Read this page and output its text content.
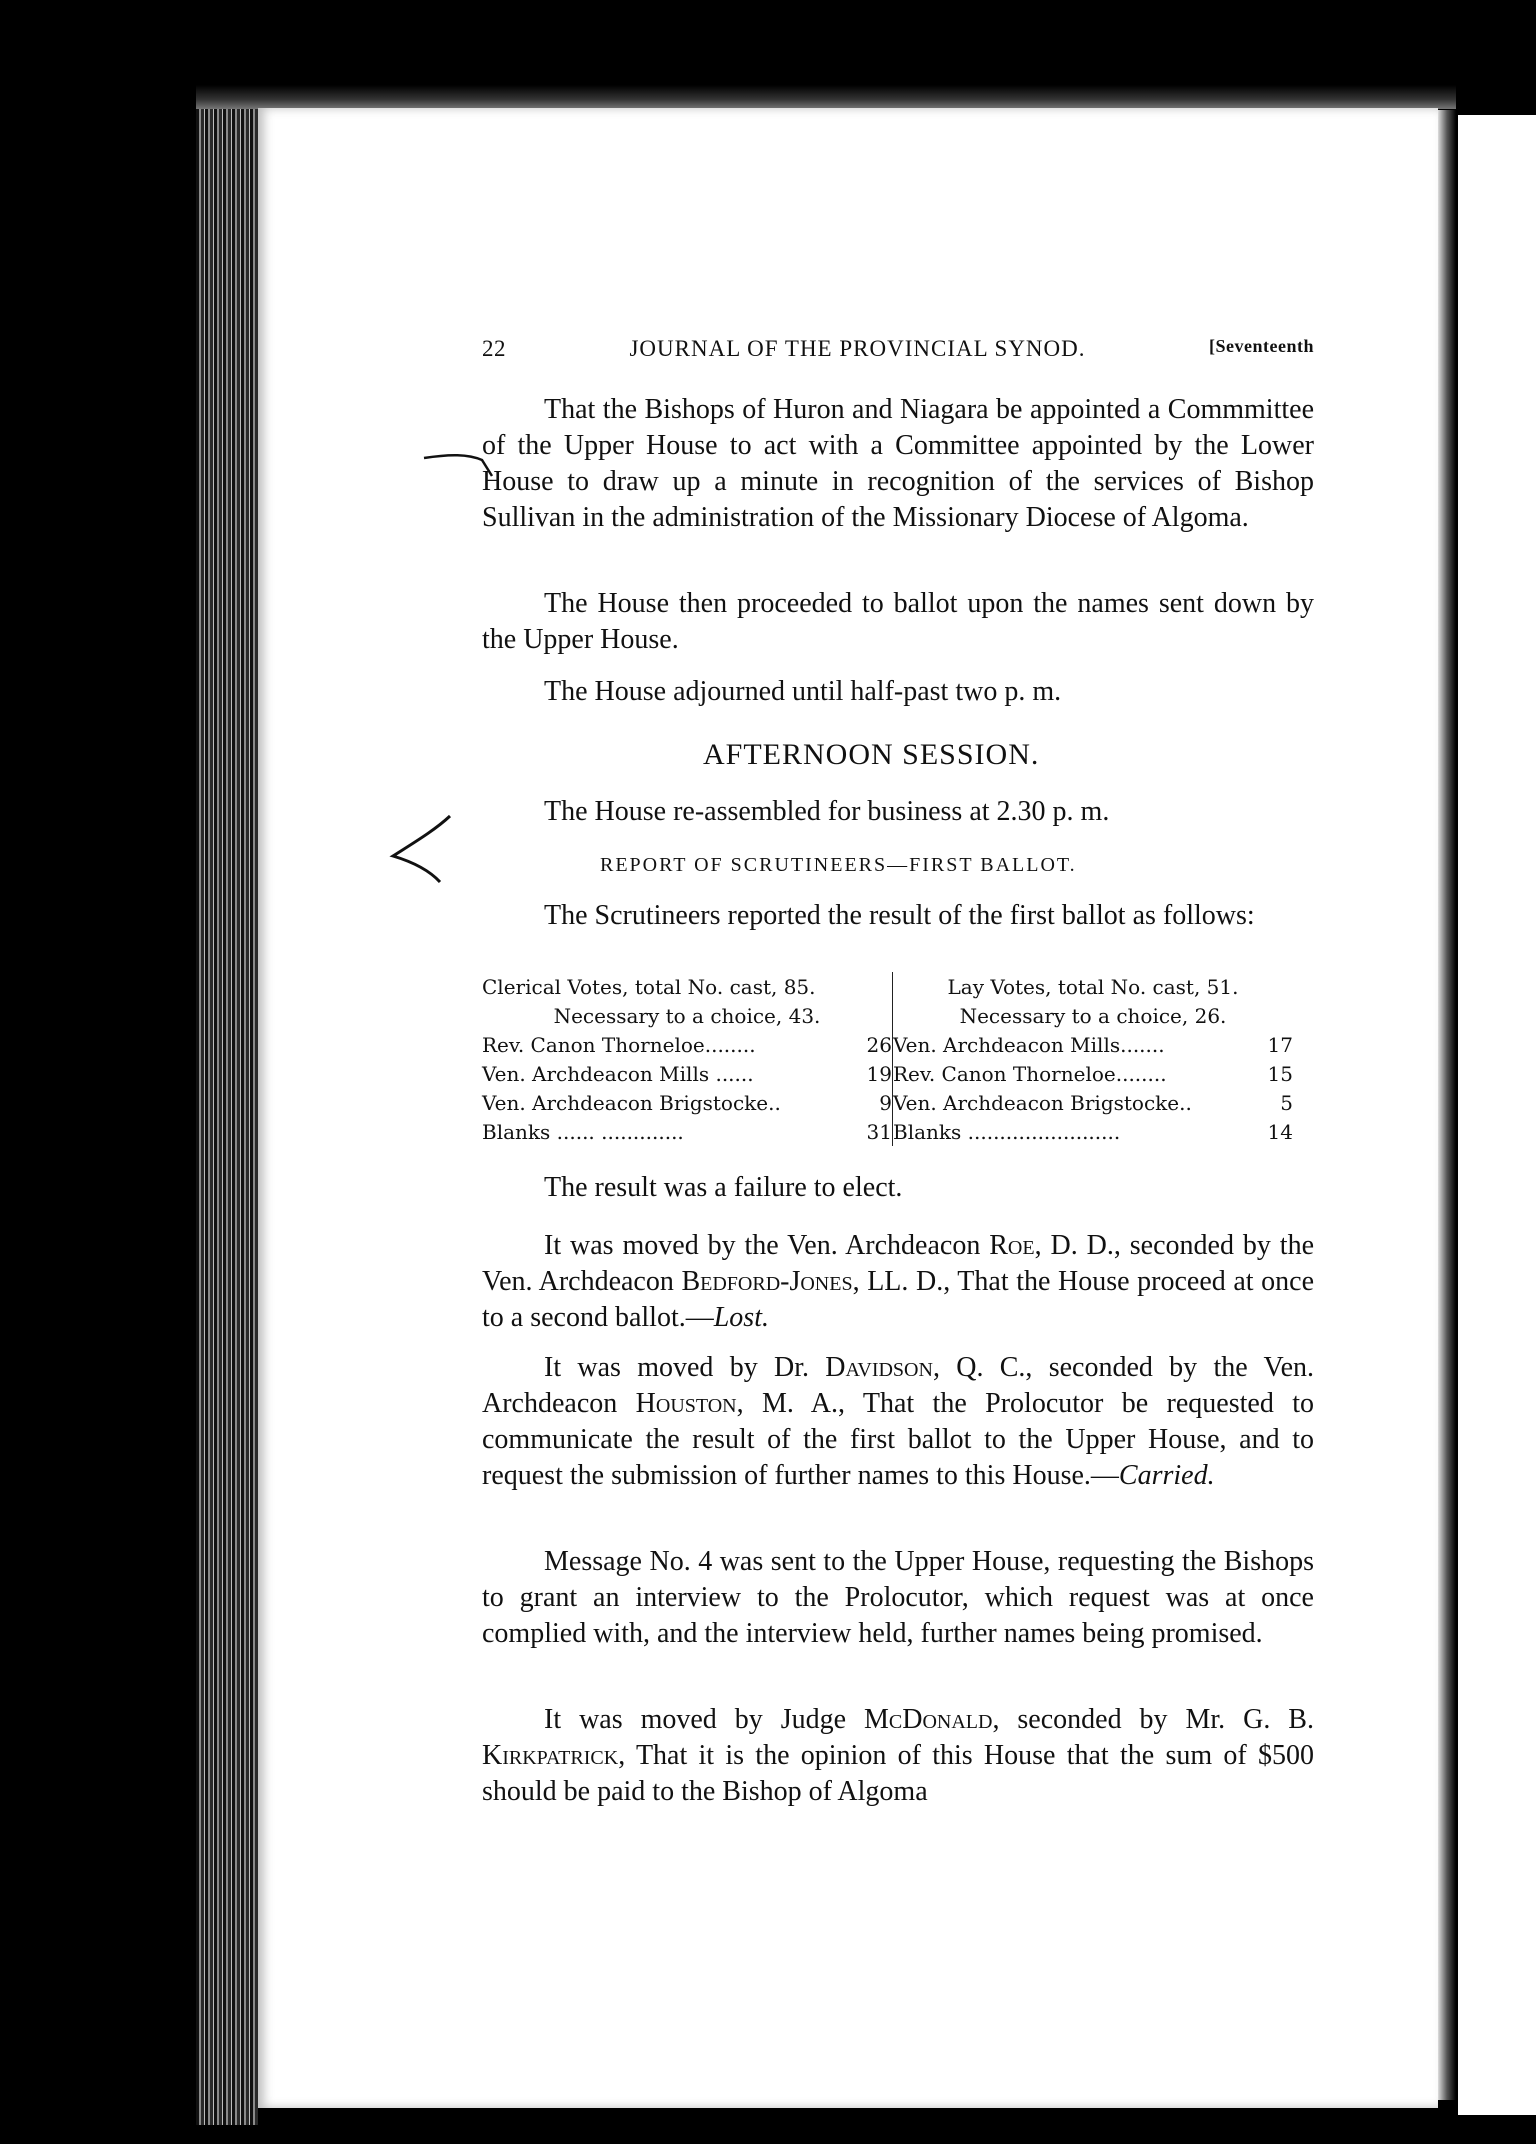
22	JOURNAL OF THE PROVINCIAL SYNOD.	[Seventeenth
That the Bishops of Huron and Niagara be appointed a Commmittee of the Upper House to act with a Committee appointed by the Lower House to draw up a minute in recognition of the services of Bishop Sullivan in the administration of the Missionary Diocese of Algoma.
The House then proceeded to ballot upon the names sent down by the Upper House.
The House adjourned until half-past two p. m.
AFTERNOON SESSION.
The House re-assembled for business at 2.30 p. m.
REPORT OF SCRUTINEERS—FIRST BALLOT.
The Scrutineers reported the result of the first ballot as follows:
Clerical Votes, total No. cast, 85.	Lay Votes, total No. cast, 51.
Necessary to a choice, 43.	Necessary to a choice, 26.

Rev. Canon Thorneloe........ 26	Ven. Archdeacon Mills....... 17

Ven. Archdeacon Mills ...... 19	Rev. Canon Thorneloe........ 15

Ven. Archdeacon Brigstocke.. 9	Ven. Archdeacon Brigstocke.. 5

Blanks ...... ............. 31	Blanks ........................ 14
The result was a failure to elect.
It was moved by the Ven. Archdeacon Roe, D. D., seconded by the Ven. Archdeacon Bedford-Jones, LL. D., That the House proceed at once to a second ballot.—Lost.
It was moved by Dr. Davidson, Q. C., seconded by the Ven. Archdeacon Houston, M. A., That the Prolocutor be requested to communicate the result of the first ballot to the Upper House, and to request the submission of further names to this House.—Carried.
Message No. 4 was sent to the Upper House, requesting the Bishops to grant an interview to the Prolocutor, which request was at once complied with, and the interview held, further names being promised.
It was moved by Judge McDonald, seconded by Mr. G. B. Kirkpatrick, That it is the opinion of this House that the sum of $500 should be paid to the Bishop of Algoma
